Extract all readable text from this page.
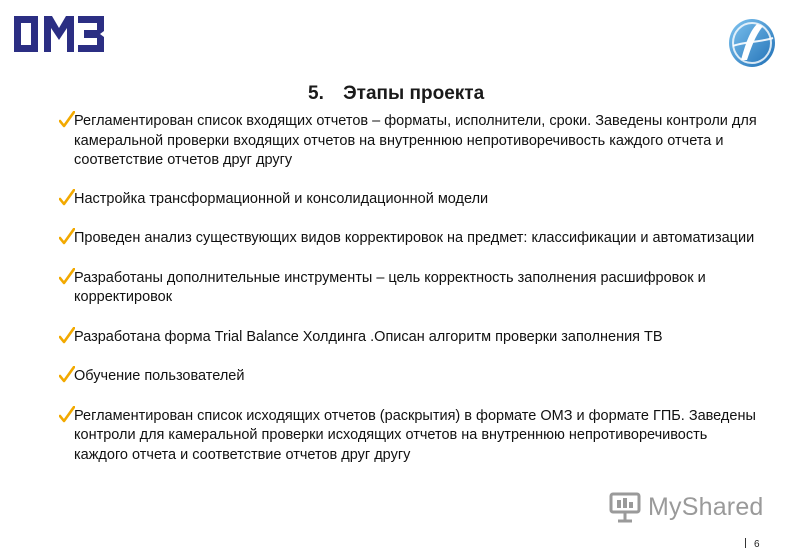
5. Этапы проекта
Регламентирован список входящих отчетов – форматы, исполнители, сроки. Заведены контроли для камеральной проверки входящих отчетов на внутреннюю непротиворечивость каждого отчета и соответствие отчетов друг другу
Настройка трансформационной и консолидационной модели
Проведен анализ существующих видов корректировок на предмет: классификации и автоматизации
Разработаны дополнительные инструменты – цель корректность заполнения расшифровок и корректировок
Разработана форма Trial Balance Холдинга .Описан алгоритм проверки заполнения ТВ
Обучение пользователей
Регламентирован список исходящих отчетов (раскрытия) в формате ОМЗ и формате ГПБ. Заведены контроли для камеральной проверки исходящих отчетов на внутреннюю непротиворечивость каждого отчета и соответствие отчетов друг другу
MyShared
6
